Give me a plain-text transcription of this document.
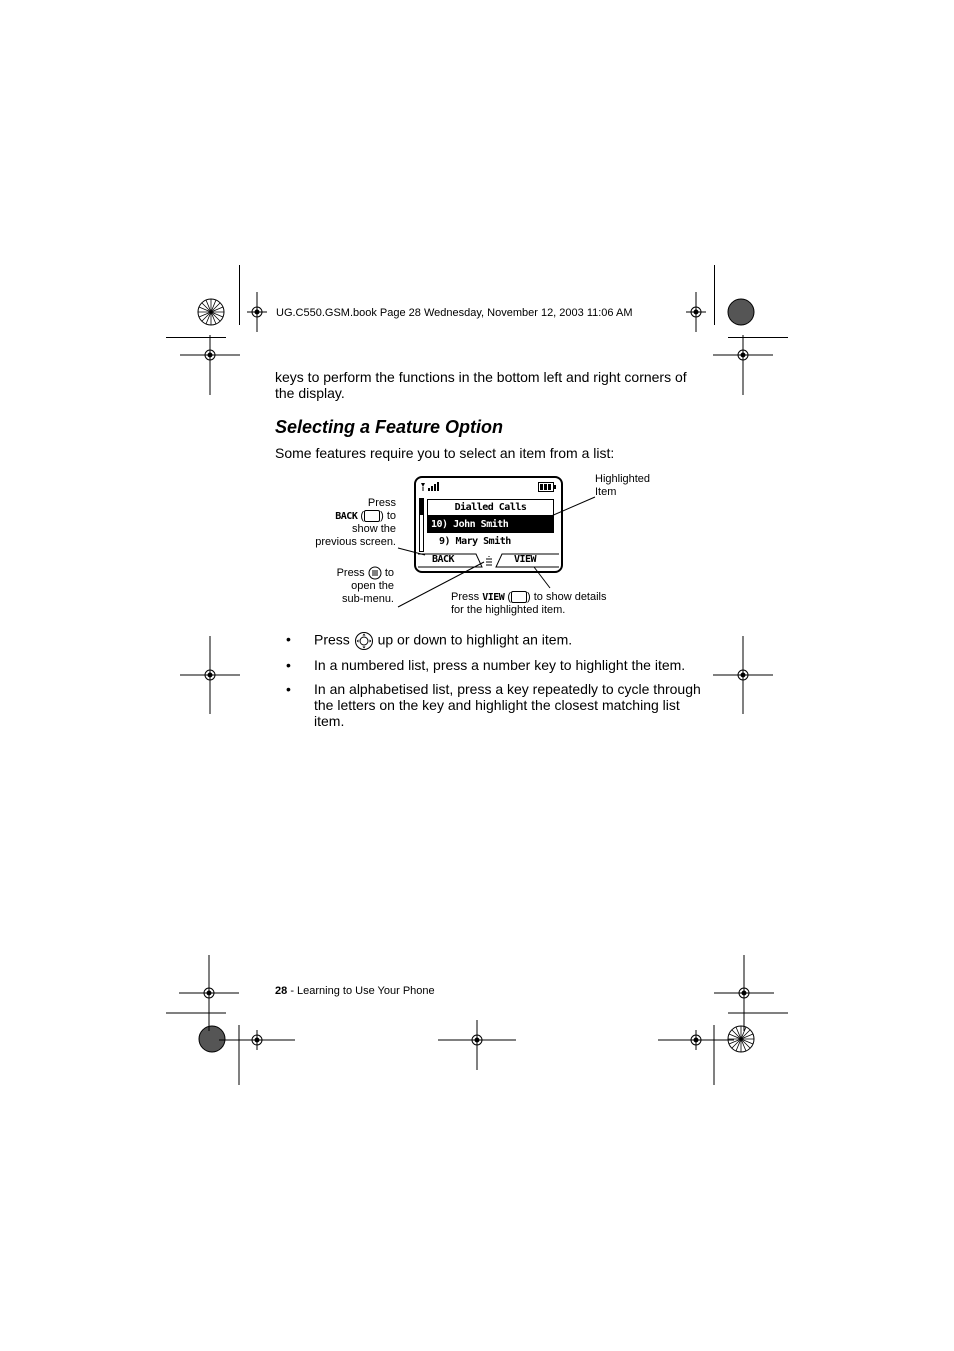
UG.C550.GSM.book Page 28 Wednesday, November 12, 2003 11:06 AM
keys to perform the functions in the bottom left and right corners of
the display.
Selecting a Feature Option
Some features require you to select an item from a list:
Dialled Calls
10) John Smith
9) Mary Smith
BACK	VIEW
Press
BACK ( ) to
show the
previous screen.
Press to
open the
sub-menu.
Highlighted
Item
Press VIEW ( ) to show details
for the highlighted item.
• Press up or down to highlight an item.
• In a numbered list, press a number key to highlight the item.
• In an alphabetised list, press a key repeatedly to cycle through
the letters on the key and highlight the closest matching list
item.
28 - Learning to Use Your Phone
